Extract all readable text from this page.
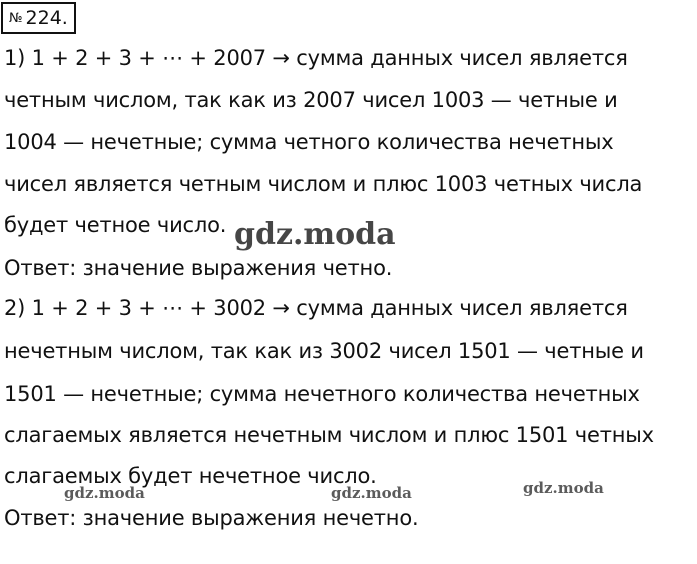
№ 224.
1) 1 + 2 + 3 + ⋯ + 2007 → сумма данных чисел является
четным числом, так как из 2007 чисел 1003 — четные и
1004 — нечетные; сумма четного количества нечетных
чисел является четным числом и плюс 1003 четных числа
будет четное число.
Ответ: значение выражения четно.
2) 1 + 2 + 3 + ⋯ + 3002 → сумма данных чисел является
нечетным числом, так как из 3002 чисел 1501 — четные и
1501 — нечетные; сумма нечетного количества нечетных
слагаемых является нечетным числом и плюс 1501 четных
слагаемых будет нечетное число.
Ответ: значение выражения нечетно.
gdz.moda
gdz.moda	gdz.moda	gdz.moda
